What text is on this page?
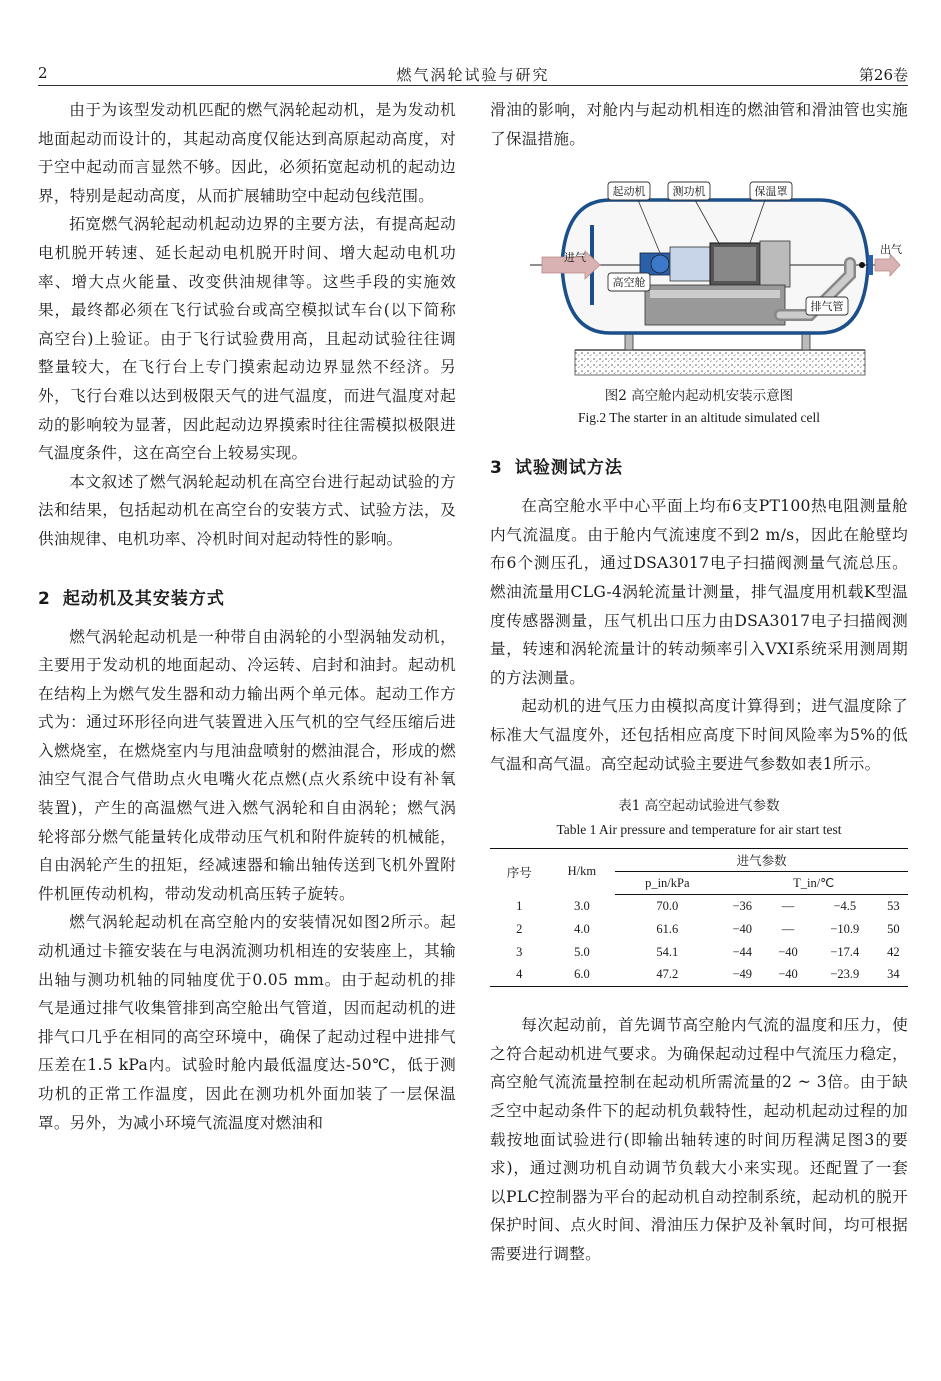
2	燃气涡轮试验与研究	第26卷

由于为该型发动机匹配的燃气涡轮起动机，是为发动机地面起动而设计的，其起动高度仅能达到高原起动高度，对于空中起动而言显然不够。因此，必须拓宽起动机的起动边界，特别是起动高度，从而扩展辅助空中起动包线范围。

拓宽燃气涡轮起动机起动边界的主要方法，有提高起动电机脱开转速、延长起动电机脱开时间、增大起动电机功率、增大点火能量、改变供油规律等。这些手段的实施效果，最终都必须在飞行试验台或高空模拟试车台(以下简称高空台)上验证。由于飞行试验费用高，且起动试验往往调整量较大，在飞行台上专门摸索起动边界显然不经济。另外，飞行台难以达到极限天气的进气温度，而进气温度对起动的影响较为显著，因此起动边界摸索时往往需模拟极限进气温度条件，这在高空台上较易实现。

本文叙述了燃气涡轮起动机在高空台进行起动试验的方法和结果，包括起动机在高空台的安装方式、试验方法，及供油规律、电机功率、冷机时间对起动特性的影响。

2 起动机及其安装方式

燃气涡轮起动机是一种带自由涡轮的小型涡轴发动机，主要用于发动机的地面起动、冷运转、启封和油封。起动机在结构上为燃气发生器和动力输出两个单元体。起动工作方式为：通过环形径向进气装置进入压气机的空气经压缩后进入燃烧室，在燃烧室内与甩油盘喷射的燃油混合，形成的燃油空气混合气借助点火电嘴火花点燃(点火系统中设有补氧装置)，产生的高温燃气进入燃气涡轮和自由涡轮；燃气涡轮将部分燃气能量转化成带动压气机和附件旋转的机械能，自由涡轮产生的扭矩，经减速器和输出轴传送到飞机外置附件机匣传动机构，带动发动机高压转子旋转。

燃气涡轮起动机在高空舱内的安装情况如图2所示。起动机通过卡箍安装在与电涡流测功机相连的安装座上，其输出轴与测功机轴的同轴度优于0.05 mm。由于起动机的排气是通过排气收集管排到高空舱出气管道，因而起动机的进排气口几乎在相同的高空环境中，确保了起动过程中进排气压差在1.5 kPa内。试验时舱内最低温度达-50℃，低于测功机的正常工作温度，因此在测功机外面加装了一层保温罩。另外，为减小环境气流温度对燃油和

滑油的影响，对舱内与起动机相连的燃油管和滑油管也实施了保温措施。

起动机 测功机	保温罩
进气
出气
高空舱
排气管
图2 高空舱内起动机安装示意图
Fig.2 The starter in an altitude simulated cell
3 试验测试方法

在高空舱水平中心平面上均布6支PT100热电阻测量舱内气流温度。由于舱内气流速度不到2 m/s，因此在舱壁均布6个测压孔，通过DSA3017电子扫描阀测量气流总压。燃油流量用CLG-4涡轮流量计测量，排气温度用机载K型温度传感器测量，压气机出口压力由DSA3017电子扫描阀测量，转速和涡轮流量计的转动频率引入VXI系统采用测周期的方法测量。

起动机的进气压力由模拟高度计算得到；进气温度除了标准大气温度外，还包括相应高度下时间风险率为5%的低气温和高气温。高空起动试验主要进气参数如表1所示。

表1 高空起动试验进气参数
Table 1 Air pressure and temperature for air start test
序号	H/km	进气参数				
		p_in/kPa	T_in/℃			
1	3.0	70.0	−36	—	−4.5	53
2	4.0	61.6	−40	—	−10.9	50
3	5.0	54.1	−44	−40	−17.4	42
4	6.0	47.2	−49	−40	−23.9	34

每次起动前，首先调节高空舱内气流的温度和压力，使之符合起动机进气要求。为确保起动过程中气流压力稳定，高空舱气流流量控制在起动机所需流量的2 ~ 3倍。由于缺乏空中起动条件下的起动机负载特性，起动机起动过程的加载按地面试验进行(即输出轴转速的时间历程满足图3的要求)，通过测功机自动调节负载大小来实现。还配置了一套以PLC控制器为平台的起动机自动控制系统，起动机的脱开保护时间、点火时间、滑油压力保护及补氧时间，均可根据需要进行调整。
